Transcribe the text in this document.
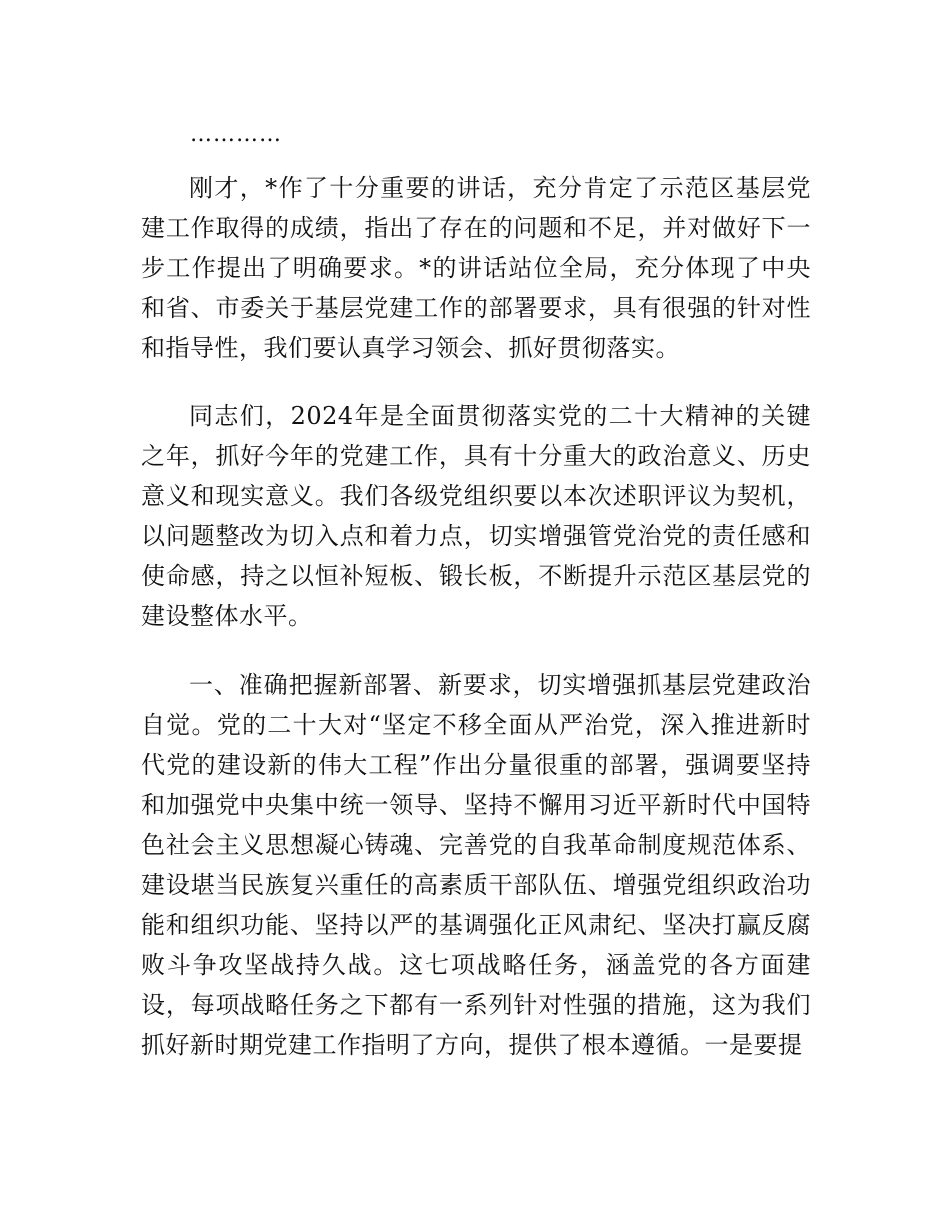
…………

刚才，*作了十分重要的讲话，充分肯定了示范区基层党建工作取得的成绩，指出了存在的问题和不足，并对做好下一步工作提出了明确要求。*的讲话站位全局，充分体现了中央和省、市委关于基层党建工作的部署要求，具有很强的针对性和指导性，我们要认真学习领会、抓好贯彻落实。

同志们，2024年是全面贯彻落实党的二十大精神的关键之年，抓好今年的党建工作，具有十分重大的政治意义、历史意义和现实意义。我们各级党组织要以本次述职评议为契机，以问题整改为切入点和着力点，切实增强管党治党的责任感和使命感，持之以恒补短板、锻长板，不断提升示范区基层党的建设整体水平。

一、准确把握新部署、新要求，切实增强抓基层党建政治自觉。党的二十大对“坚定不移全面从严治党，深入推进新时代党的建设新的伟大工程”作出分量很重的部署，强调要坚持和加强党中央集中统一领导、坚持不懈用习近平新时代中国特色社会主义思想凝心铸魂、完善党的自我革命制度规范体系、建设堪当民族复兴重任的高素质干部队伍、增强党组织政治功能和组织功能、坚持以严的基调强化正风肃纪、坚决打赢反腐败斗争攻坚战持久战。这七项战略任务，涵盖党的各方面建设，每项战略任务之下都有一系列针对性强的措施，这为我们抓好新时期党建工作指明了方向，提供了根本遵循。一是要提
